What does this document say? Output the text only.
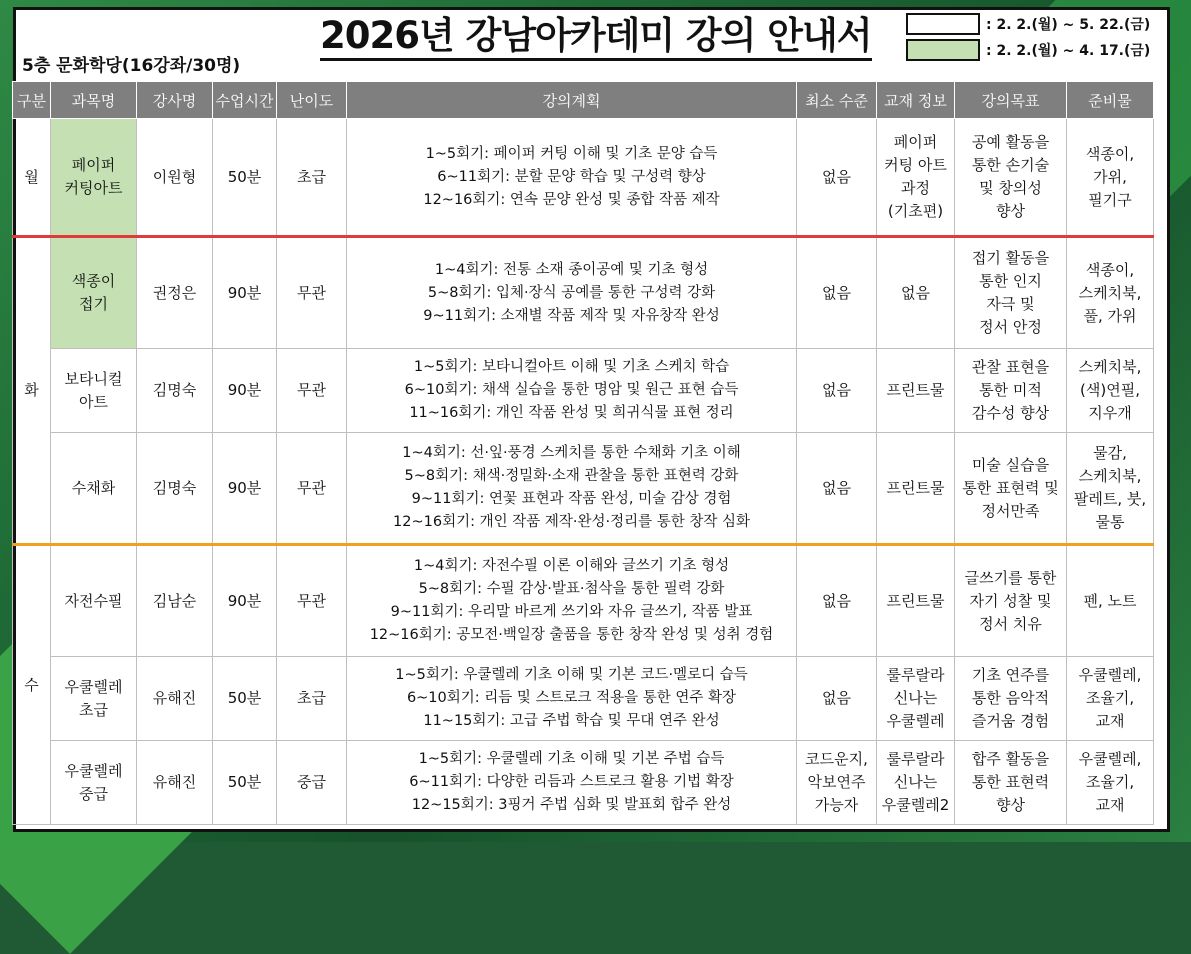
2026년 강남아카데미 강의 안내서
5층 문화학당(16강좌/30명)
: 2. 2.(월) ~ 5. 22.(금)
: 2. 2.(월) ~ 4. 17.(금)
구분	과목명	강사명	수업시간	난이도	강의계획	최소 수준	교재 정보	강의목표	준비물
월	페이퍼
커팅아트	이원형	50분	초급	1~5회기: 페이퍼 커팅 이해 및 기초 문양 습득
6~11회기: 분할 문양 학습 및 구성력 향상
12~16회기: 연속 문양 완성 및 종합 작품 제작	없음	페이퍼
커팅 아트
과정
(기초편)	공예 활동을
통한 손기술
및 창의성
향상	색종이,
가위,
필기구
화	색종이
접기	권정은	90분	무관	1~4회기: 전통 소재 종이공예 및 기초 형성
5~8회기: 입체·장식 공예를 통한 구성력 강화
9~11회기: 소재별 작품 제작 및 자유창작 완성	없음	없음	접기 활동을
통한 인지
자극 및
정서 안정	색종이,
스케치북,
풀, 가위
	보타니컬
아트	김명숙	90분	무관	1~5회기: 보타니컬아트 이해 및 기초 스케치 학습
6~10회기: 채색 실습을 통한 명암 및 원근 표현 습득
11~16회기: 개인 작품 완성 및 희귀식물 표현 정리	없음	프린트물	관찰 표현을
통한 미적
감수성 향상	스케치북,
(색)연필,
지우개
	수채화	김명숙	90분	무관	1~4회기: 선·잎·풍경 스케치를 통한 수채화 기초 이해
5~8회기: 채색·정밀화·소재 관찰을 통한 표현력 강화
9~11회기: 연꽃 표현과 작품 완성, 미술 감상 경험
12~16회기: 개인 작품 제작·완성·정리를 통한 창작 심화	없음	프린트물	미술 실습을
통한 표현력 및
정서만족	물감,
스케치북,
팔레트, 붓,
물통
수	자전수필	김남순	90분	무관	1~4회기: 자전수필 이론 이해와 글쓰기 기초 형성
5~8회기: 수필 감상·발표·첨삭을 통한 필력 강화
9~11회기: 우리말 바르게 쓰기와 자유 글쓰기, 작품 발표
12~16회기: 공모전·백일장 출품을 통한 창작 완성 및 성취 경험	없음	프린트물	글쓰기를 통한
자기 성찰 및
정서 치유	펜, 노트
	우쿨렐레
초급	유해진	50분	초급	1~5회기: 우쿨렐레 기초 이해 및 기본 코드·멜로디 습득
6~10회기: 리듬 및 스트로크 적용을 통한 연주 확장
11~15회기: 고급 주법 학습 및 무대 연주 완성	없음	룰루랄라
신나는
우쿨렐레	기초 연주를
통한 음악적
즐거움 경험	우쿨렐레,
조율기,
교재
	우쿨렐레
중급	유해진	50분	중급	1~5회기: 우쿨렐레 기초 이해 및 기본 주법 습득
6~11회기: 다양한 리듬과 스트로크 활용 기법 확장
12~15회기: 3핑거 주법 심화 및 발표회 합주 완성	코드운지,
악보연주
가능자	룰루랄라
신나는
우쿨렐레2	합주 활동을
통한 표현력
향상	우쿨렐레,
조율기,
교재
